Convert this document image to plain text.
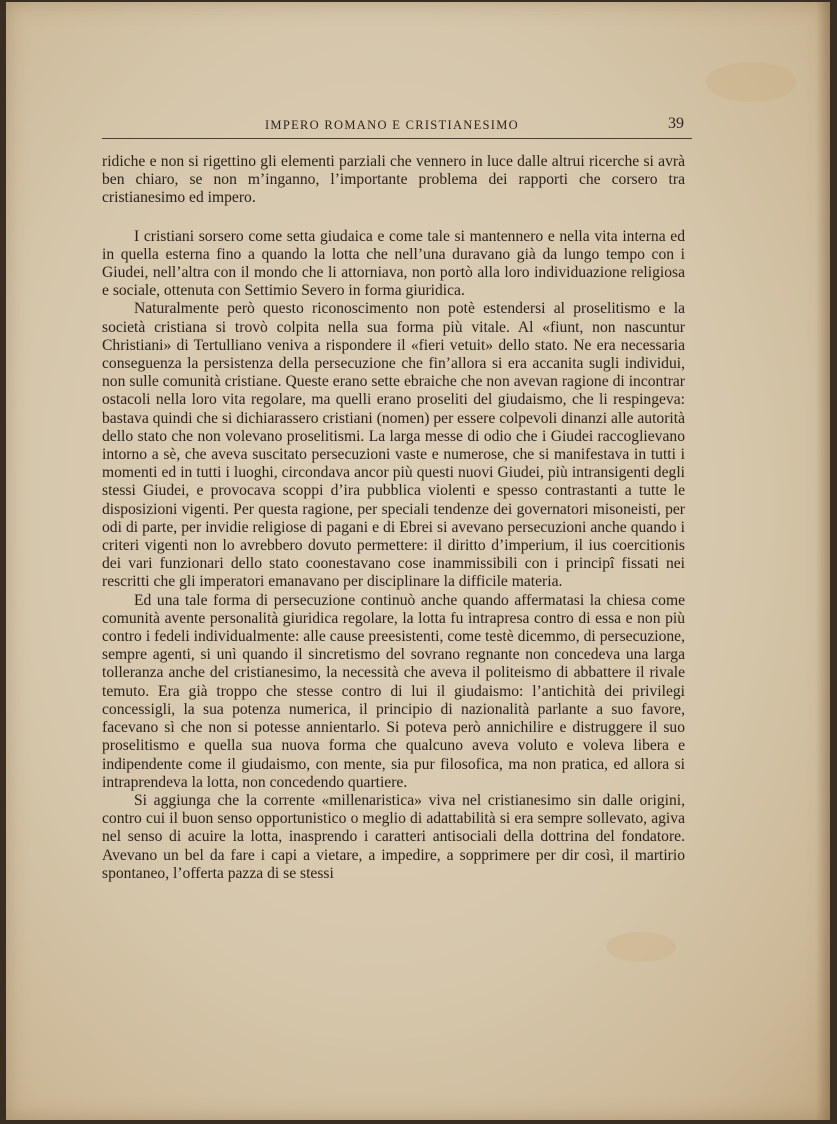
IMPERO ROMANO E CRISTIANESIMO	39

ridiche e non si rigettino gli elementi parziali che vennero in luce dalle altrui ricerche si avrà ben chiaro, se non m’inganno, l’importante problema dei rapporti che corsero tra cristianesimo ed impero.

I cristiani sorsero come setta giudaica e come tale si mantennero e nella vita interna ed in quella esterna fino a quando la lotta che nell’una duravano già da lungo tempo con i Giudei, nell’altra con il mondo che li attorniava, non portò alla loro individuazione religiosa e sociale, ottenuta con Settimio Severo in forma giuridica.

Naturalmente però questo riconoscimento non potè estendersi al proselitismo e la società cristiana si trovò colpita nella sua forma più vitale. Al «fiunt, non nascuntur Christiani» di Tertulliano veniva a rispondere il «fieri vetuit» dello stato. Ne era necessaria conseguenza la persistenza della persecuzione che fin’allora si era accanita sugli individui, non sulle comunità cristiane. Queste erano sette ebraiche che non avevan ragione di incontrar ostacoli nella loro vita regolare, ma quelli erano proseliti del giudaismo, che li respingeva: bastava quindi che si dichiarassero cristiani (nomen) per essere colpevoli dinanzi alle autorità dello stato che non volevano proselitismi. La larga messe di odio che i Giudei raccoglievano intorno a sè, che aveva suscitato persecuzioni vaste e numerose, che si manifestava in tutti i momenti ed in tutti i luoghi, circondava ancor più questi nuovi Giudei, più intransigenti degli stessi Giudei, e provocava scoppi d’ira pubblica violenti e spesso contrastanti a tutte le disposizioni vigenti. Per questa ragione, per speciali tendenze dei governatori misoneisti, per odi di parte, per invidie religiose di pagani e di Ebrei si avevano persecuzioni anche quando i criteri vigenti non lo avrebbero dovuto permettere: il diritto d’imperium, il ius coercitionis dei vari funzionari dello stato coonestavano cose inammissibili con i principî fissati nei rescritti che gli imperatori emanavano per disciplinare la difficile materia.

Ed una tale forma di persecuzione continuò anche quando affermatasi la chiesa come comunità avente personalità giuridica regolare, la lotta fu intrapresa contro di essa e non più contro i fedeli individualmente: alle cause preesistenti, come testè dicemmo, di persecuzione, sempre agenti, si unì quando il sincretismo del sovrano regnante non concedeva una larga tolleranza anche del cristianesimo, la necessità che aveva il politeismo di abbattere il rivale temuto. Era già troppo che stesse contro di lui il giudaismo: l’antichità dei privilegi concessigli, la sua potenza numerica, il principio di nazionalità parlante a suo favore, facevano sì che non si potesse annientarlo. Si poteva però annichilire e distruggere il suo proselitismo e quella sua nuova forma che qualcuno aveva voluto e voleva libera e indipendente come il giudaismo, con mente, sia pur filosofica, ma non pratica, ed allora si intraprendeva la lotta, non concedendo quartiere.

Si aggiunga che la corrente «millenaristica» viva nel cristianesimo sin dalle origini, contro cui il buon senso opportunistico o meglio di adattabilità si era sempre sollevato, agiva nel senso di acuire la lotta, inasprendo i caratteri antisociali della dottrina del fondatore. Avevano un bel da fare i capi a vietare, a impedire, a sopprimere per dir così, il martirio spontaneo, l’offerta pazza di se stessi
